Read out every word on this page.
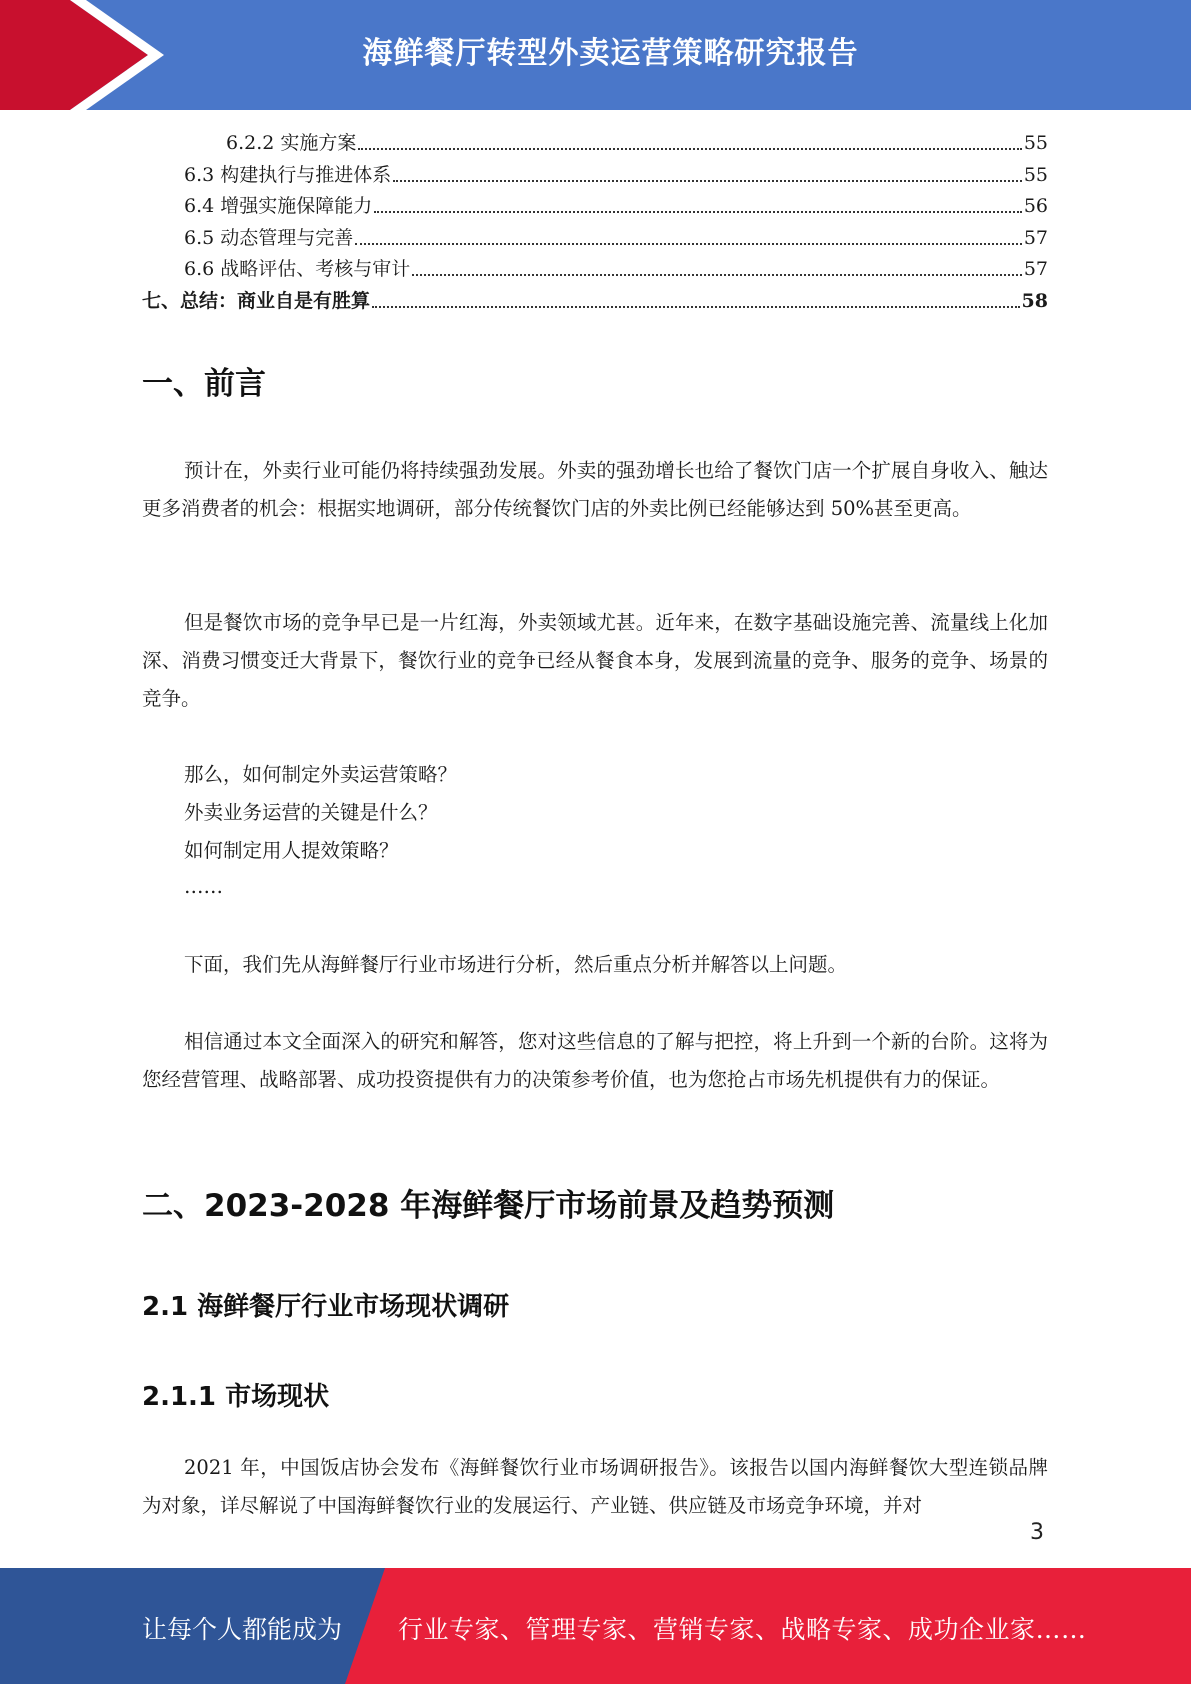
海鲜餐厅转型外卖运营策略研究报告
6.2.2 实施方案	55
6.3 构建执行与推进体系	55
6.4 增强实施保障能力	56
6.5 动态管理与完善	57
6.6 战略评估、考核与审计	57
七、总结：商业自是有胜算	58
一、前言
预计在，外卖行业可能仍将持续强劲发展。外卖的强劲增长也给了餐饮门店一个扩展自身收入、触达更多消费者的机会：根据实地调研，部分传统餐饮门店的外卖比例已经能够达到 50%甚至更高。
但是餐饮市场的竞争早已是一片红海，外卖领域尤甚。近年来，在数字基础设施完善、流量线上化加深、消费习惯变迁大背景下，餐饮行业的竞争已经从餐食本身，发展到流量的竞争、服务的竞争、场景的竞争。
那么，如何制定外卖运营策略？
外卖业务运营的关键是什么？
如何制定用人提效策略？
……
下面，我们先从海鲜餐厅行业市场进行分析，然后重点分析并解答以上问题。
相信通过本文全面深入的研究和解答，您对这些信息的了解与把控，将上升到一个新的台阶。这将为您经营管理、战略部署、成功投资提供有力的决策参考价值，也为您抢占市场先机提供有力的保证。
二、2023-2028 年海鲜餐厅市场前景及趋势预测
2.1 海鲜餐厅行业市场现状调研
2.1.1 市场现状
2021 年，中国饭店协会发布《海鲜餐饮行业市场调研报告》。该报告以国内海鲜餐饮大型连锁品牌为对象，详尽解说了中国海鲜餐饮行业的发展运行、产业链、供应链及市场竞争环境，并对
3
让每个人都能成为 行业专家、管理专家、营销专家、战略专家、成功企业家……
